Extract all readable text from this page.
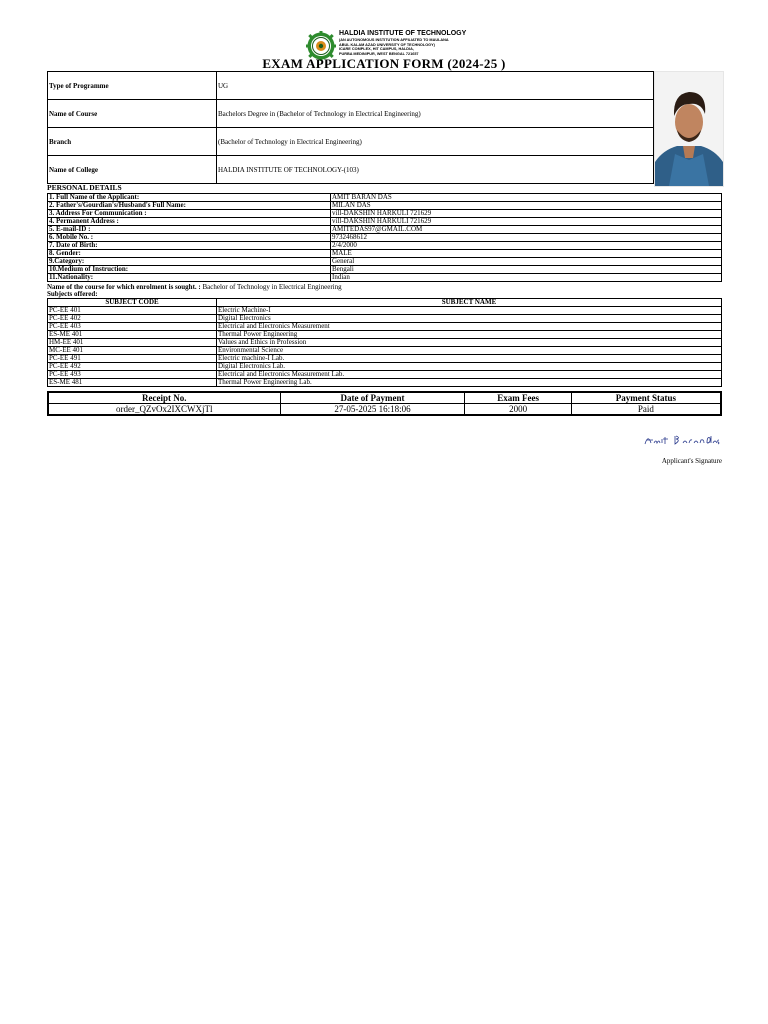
HALDIA INSTITUTE OF TECHNOLOGY
(AN AUTONOMOUS INSTITUTION AFFILIATED TO MAULANA
ABUL KALAM AZAD UNIVERSITY OF TECHNOLOGY)
ICARE COMPLEX, HIT CAMPUS, HALDIA,
PURBA MEDINIPUR, WEST BENGAL 721657
EXAM APPLICATION FORM (2024-25 )
Type of Programme	UG
Name of Course	Bachelors Degree in (Bachelor of Technology in Electrical Engineering)
Branch	(Bachelor of Technology in Electrical Engineering)
Name of College	HALDIA INSTITUTE OF TECHNOLOGY-(103)
PERSONAL DETAILS
1. Full Name of the Applicant:	AMIT BARAN DAS
2. Father's/Gourdian's/Husband's Full Name:	MILAN DAS
3. Address For Communication :	vill-DAKSHIN HARKULI 721629
4. Permanent Address :	vill-DAKSHIN HARKULI 721629
5. E-mail-ID :	AMITEDAS97@GMAIL.COM
6. Mobile No. :	9732468612
7. Date of Birth:	2/4/2000
8. Gender:	MALE
9.Category:	General
10.Medium of Instruction:	Bengali
11.Nationality:	Indian
Name of the course for which enrolment is sought. : Bachelor of Technology in Electrical Engineering
Subjects offered:
SUBJECT CODE	SUBJECT NAME
PC-EE 401	Electric Machine-I
PC-EE 402	Digital Electronics
PC-EE 403	Electrical and Electronics Measurement
ES-ME 401	Thermal Power Engineering
HM-EE 401	Values and Ethics in Profession
MC-EE 401	Environmental Science
PC-EE 491	Electric machine-I Lab.
PC-EE 492	Digital Electronics Lab.
PC-EE 493	Electrical and Electronics Measurement Lab.
ES-ME 481	Thermal Power Engineering Lab.
Receipt No.	Date of Payment	Exam Fees	Payment Status
order_QZvOx2IXCWXjTl	27-05-2025 16:18:06	2000	Paid
Applicant's Signature
